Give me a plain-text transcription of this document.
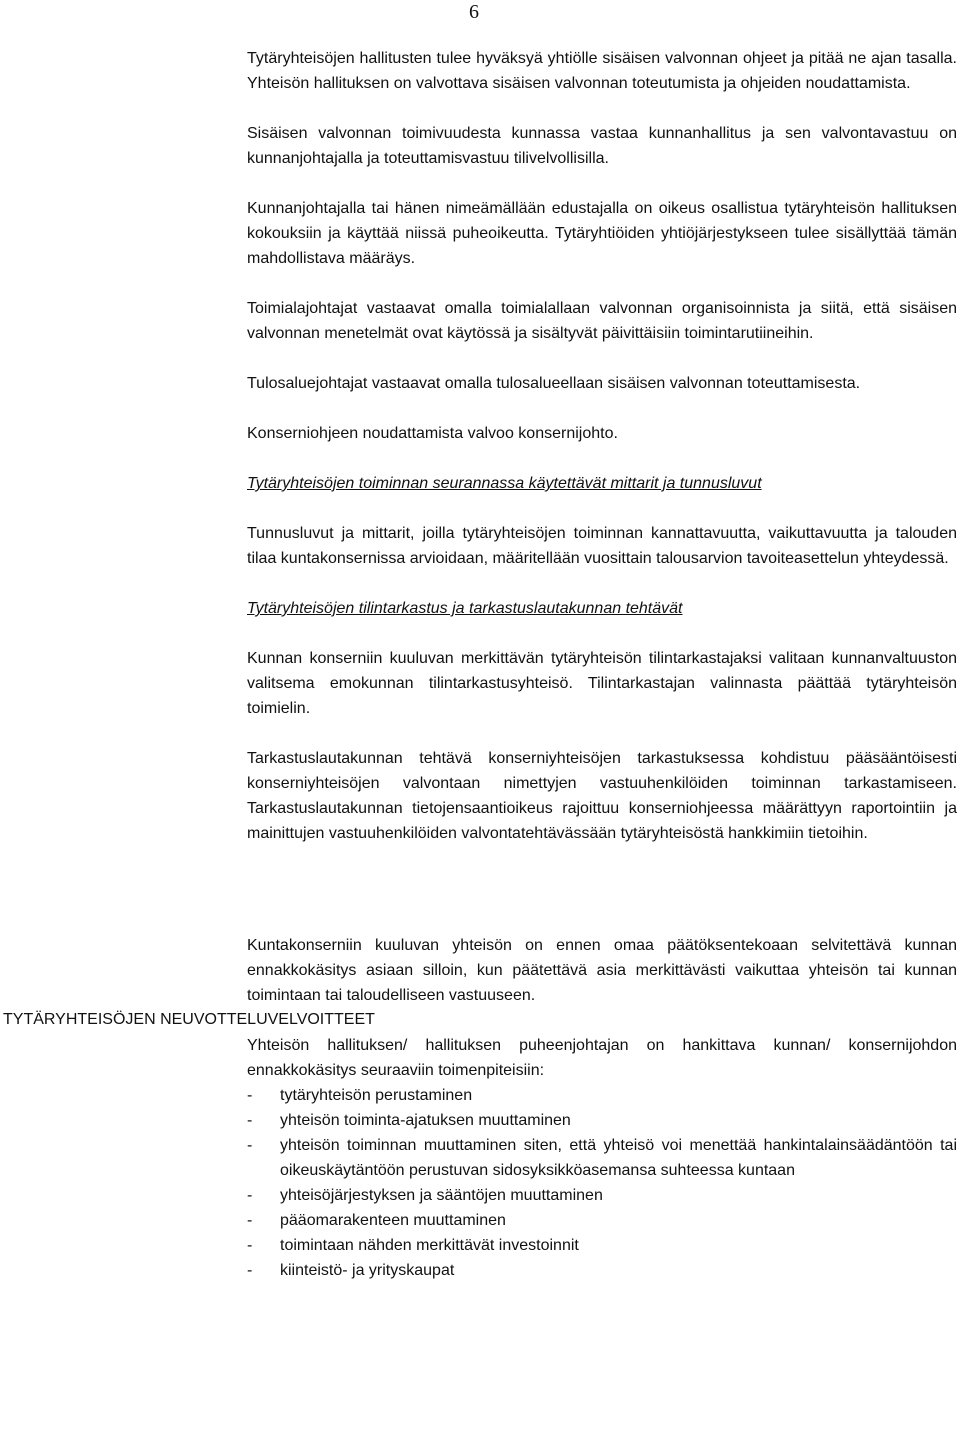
6
TYTÄRYHTEISÖJEN NEUVOTTELUVELVOITTEET

Tytäryhteisöjen hallitusten tulee hyväksyä yhtiölle sisäisen valvonnan ohjeet ja pitää ne ajan tasalla. Yhteisön hallituksen on valvottava sisäisen valvonnan toteutumista ja ohjeiden noudattamista.

Sisäisen valvonnan toimivuudesta kunnassa vastaa kunnanhallitus ja sen valvontavastuu on kunnanjohtajalla ja toteuttamisvastuu tilivelvollisilla.

Kunnanjohtajalla tai hänen nimeämällään edustajalla on oikeus osallistua tytäryhteisön hallituksen kokouksiin ja käyttää niissä puheoikeutta. Tytäryhtiöiden yhtiöjärjestykseen tulee sisällyttää tämän mahdollistava määräys.

Toimialajohtajat vastaavat omalla toimialallaan valvonnan organisoinnista ja siitä, että sisäisen valvonnan menetelmät ovat käytössä ja sisältyvät päivittäisiin toimintarutiineihin.

Tulosaluejohtajat vastaavat omalla tulosalueellaan sisäisen valvonnan toteuttamisesta.

Konserniohjeen noudattamista valvoo konsernijohto.

Tytäryhteisöjen toiminnan seurannassa käytettävät mittarit ja tunnusluvut

Tunnusluvut ja mittarit, joilla tytäryhteisöjen toiminnan kannattavuutta, vaikuttavuutta ja talouden tilaa kuntakonsernissa arvioidaan, määritellään vuosittain talousarvion tavoiteasettelun yhteydessä.

Tytäryhteisöjen tilintarkastus ja tarkastuslautakunnan tehtävät

Kunnan konserniin kuuluvan merkittävän tytäryhteisön tilintarkastajaksi valitaan kunnanvaltuuston valitsema emokunnan tilintarkastusyhteisö. Tilintarkastajan valinnasta päättää tytäryhteisön toimielin.

Tarkastuslautakunnan tehtävä konserniyhteisöjen tarkastuksessa kohdistuu pääsääntöisesti konserniyhteisöjen valvontaan nimettyjen vastuuhenkilöiden toiminnan tarkastamiseen. Tarkastuslautakunnan tietojensaantioikeus rajoittuu konserniohjeessa määrättyyn raportointiin ja mainittujen vastuuhenkilöiden valvontatehtävässään tytäryhteisöstä hankkimiin tietoihin.

Kuntakonserniin kuuluvan yhteisön on ennen omaa päätöksentekoaan selvitettävä kunnan ennakkokäsitys asiaan silloin, kun päätettävä asia merkittävästi vaikuttaa yhteisön tai kunnan toimintaan tai taloudelliseen vastuuseen.

Yhteisön hallituksen/ hallituksen puheenjohtajan on hankittava kunnan/ konsernijohdon ennakkokäsitys seuraaviin toimenpiteisiin:

- tytäryhteisön perustaminen
- yhteisön toiminta-ajatuksen muuttaminen
- yhteisön toiminnan muuttaminen siten, että yhteisö voi menettää hankintalainsäädäntöön tai oikeuskäytäntöön perustuvan sidosyksikköasemansa suhteessa kuntaan
- yhteisöjärjestyksen ja sääntöjen muuttaminen
- pääomarakenteen muuttaminen
- toimintaan nähden merkittävät investoinnit
- kiinteistö- ja yrityskaupat
